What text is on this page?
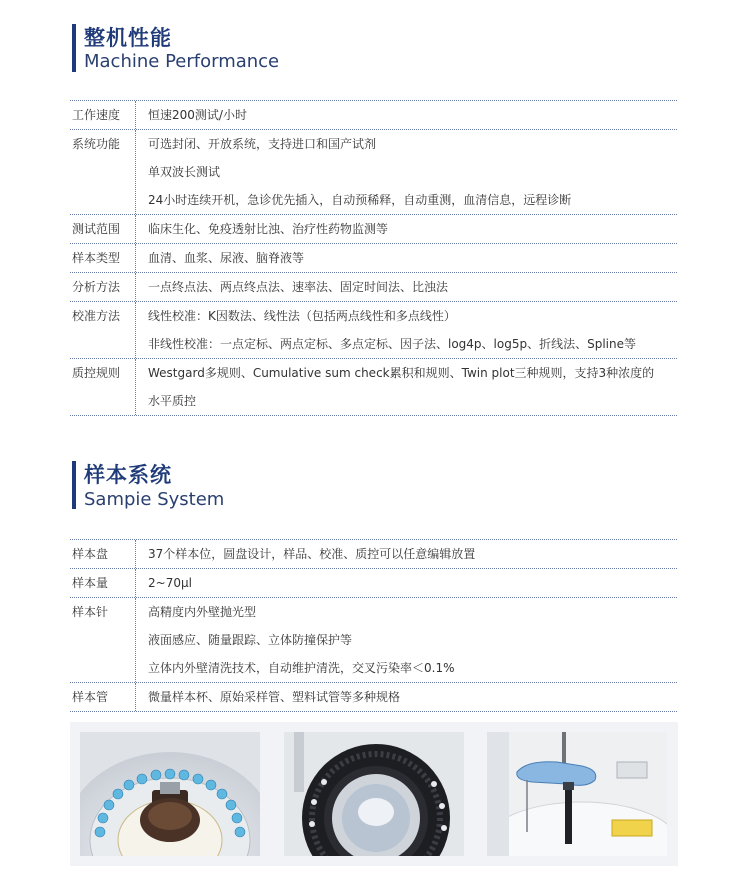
整机性能
Machine Performance
工作速度	恒速200测试/小时
系统功能	可选封闭、开放系统，支持进口和国产试剂
单双波长测试
24小时连续开机，急诊优先插入，自动预稀释，自动重测，血清信息，远程诊断
测试范围	临床生化、免疫透射比浊、治疗性药物监测等
样本类型	血清、血浆、尿液、脑脊液等
分析方法	一点终点法、两点终点法、速率法、固定时间法、比浊法
校准方法	线性校准：K因数法、线性法（包括两点线性和多点线性）
非线性校准：一点定标、两点定标、多点定标、因子法、log4p、log5p、折线法、Spline等
质控规则	Westgard多规则、Cumulative sum check累积和规则、Twin plot三种规则，支持3种浓度的
水平质控
样本系统
Sampie System
样本盘	37个样本位，圆盘设计，样品、校准、质控可以任意编辑放置
样本量	2~70µl
样本针	高精度内外壁抛光型
液面感应、随量跟踪、立体防撞保护等
立体内外壁清洗技术，自动维护清洗，交叉污染率＜0.1%
样本管	微量样本杯、原始采样管、塑料试管等多种规格
